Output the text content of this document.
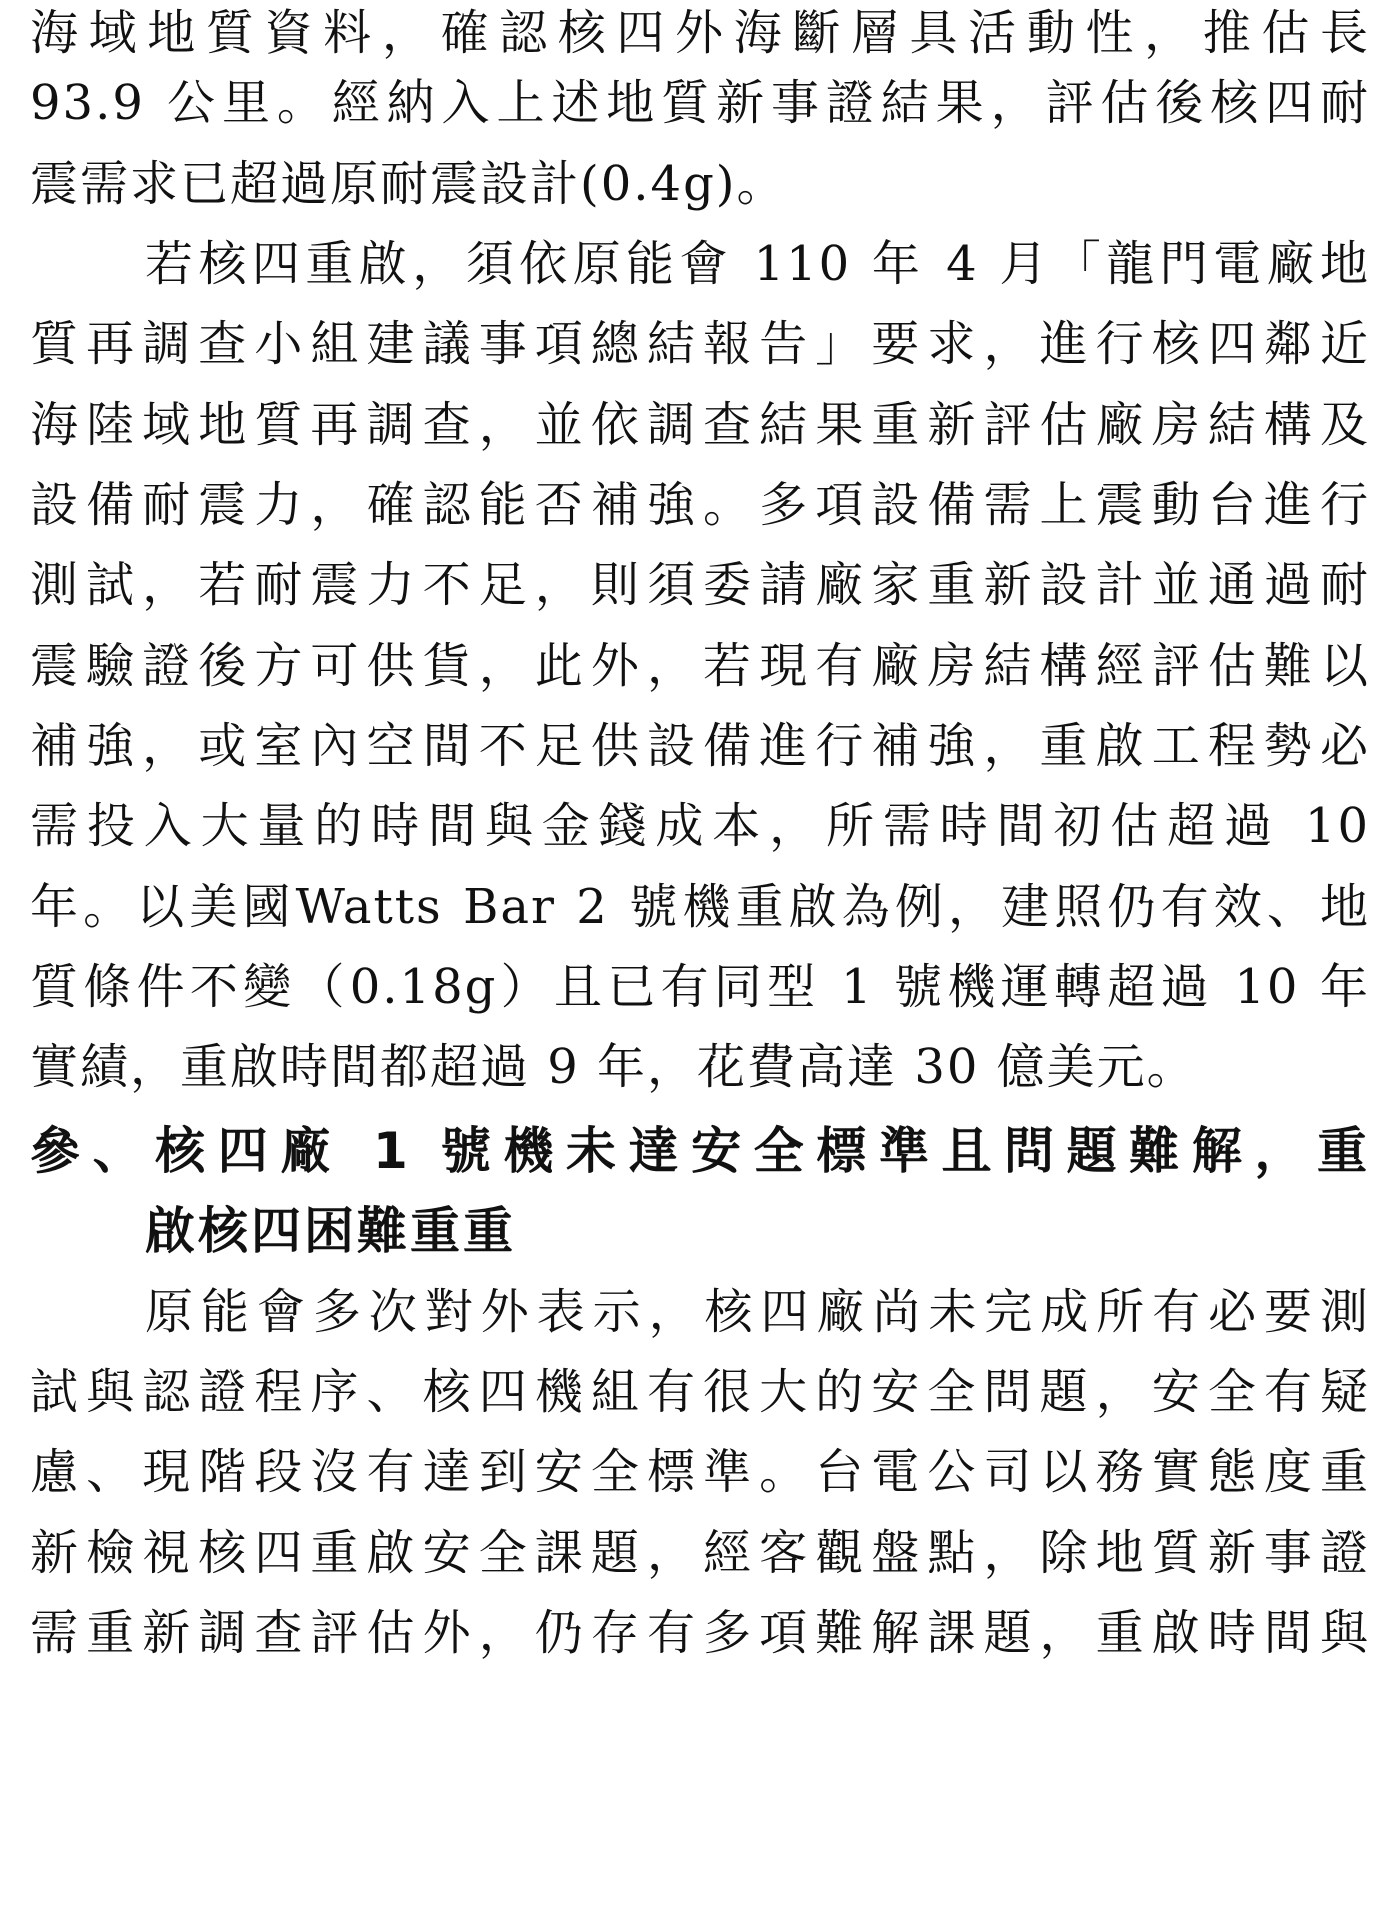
海域地質資料，確認核四外海斷層具活動性，推估長
93.9 公里。經納入上述地質新事證結果，評估後核四耐
震需求已超過原耐震設計(0.4g)。
若核四重啟，須依原能會 110 年 4 月「龍門電廠地
質再調查小組建議事項總結報告」要求，進行核四鄰近
海陸域地質再調查，並依調查結果重新評估廠房結構及
設備耐震力，確認能否補強。多項設備需上震動台進行
測試，若耐震力不足，則須委請廠家重新設計並通過耐
震驗證後方可供貨，此外，若現有廠房結構經評估難以
補強，或室內空間不足供設備進行補強，重啟工程勢必
需投入大量的時間與金錢成本，所需時間初估超過 10
年。以美國Watts Bar 2 號機重啟為例，建照仍有效、地
質條件不變（0.18g）且已有同型 1 號機運轉超過 10 年
實績，重啟時間都超過 9 年，花費高達 30 億美元。
參、核四廠 1 號機未達安全標準且問題難解，重
啟核四困難重重
原能會多次對外表示，核四廠尚未完成所有必要測
試與認證程序、核四機組有很大的安全問題，安全有疑
慮、現階段沒有達到安全標準。台電公司以務實態度重
新檢視核四重啟安全課題，經客觀盤點，除地質新事證
需重新調查評估外，仍存有多項難解課題，重啟時間與
